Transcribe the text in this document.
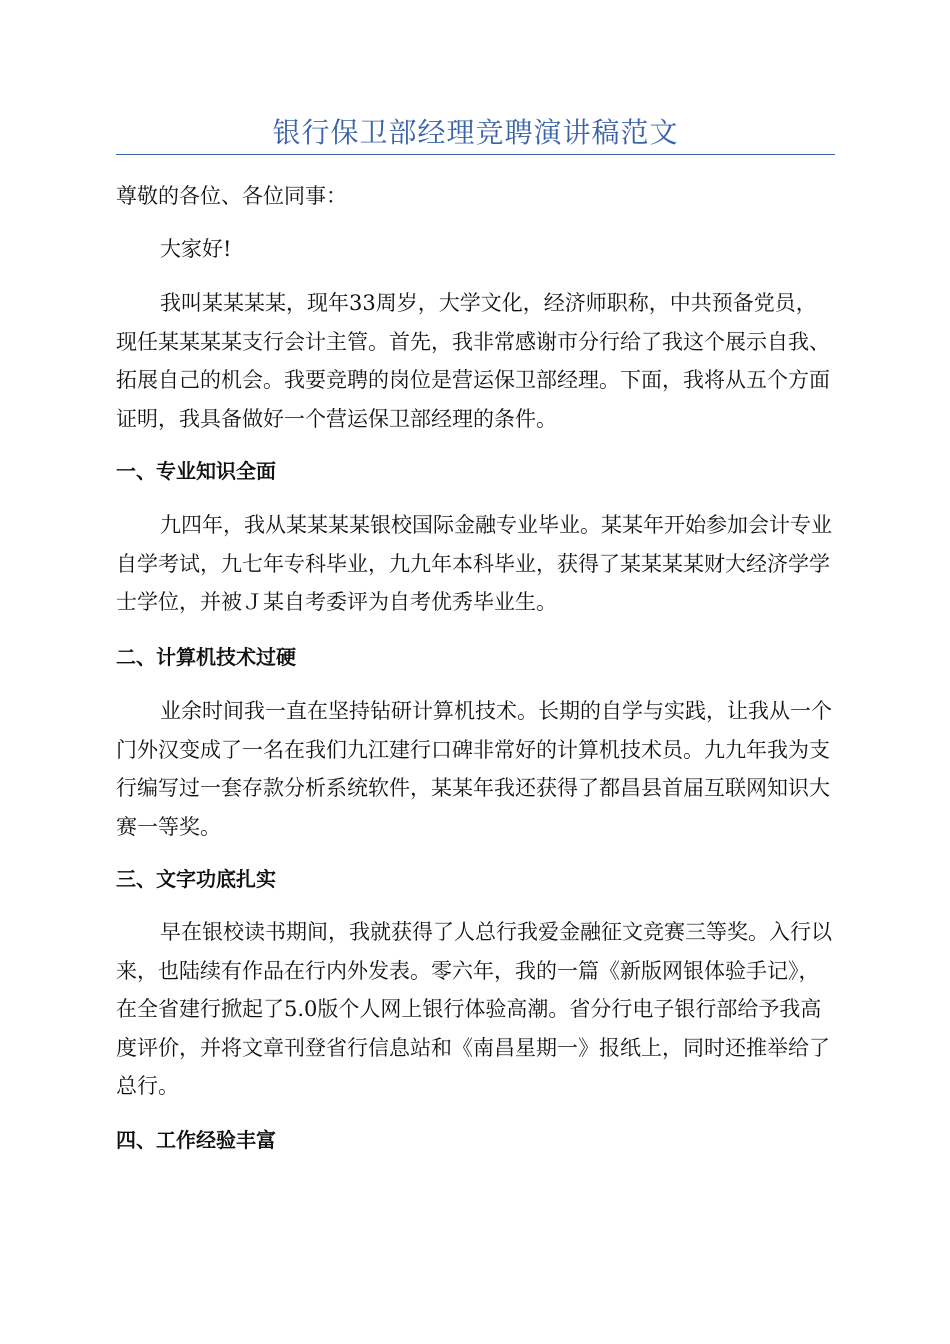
银行保卫部经理竞聘演讲稿范文

尊敬的各位、各位同事：

大家好!

我叫某某某某，现年33周岁，大学文化，经济师职称，中共预备党员，现任某某某某支行会计主管。首先，我非常感谢市分行给了我这个展示自我、拓展自己的机会。我要竞聘的岗位是营运保卫部经理。下面，我将从五个方面证明，我具备做好一个营运保卫部经理的条件。

一、专业知识全面

九四年，我从某某某某银校国际金融专业毕业。某某年开始参加会计专业自学考试，九七年专科毕业，九九年本科毕业，获得了某某某某财大经济学学士学位，并被Ｊ某自考委评为自考优秀毕业生。

二、计算机技术过硬

业余时间我一直在坚持钻研计算机技术。长期的自学与实践，让我从一个门外汉变成了一名在我们九江建行口碑非常好的计算机技术员。九九年我为支行编写过一套存款分析系统软件，某某年我还获得了都昌县首届互联网知识大赛一等奖。

三、文字功底扎实

早在银校读书期间，我就获得了人总行我爱金融征文竞赛三等奖。入行以来，也陆续有作品在行内外发表。零六年，我的一篇《新版网银体验手记》，在全省建行掀起了5.0版个人网上银行体验高潮。省分行电子银行部给予我高度评价，并将文章刊登省行信息站和《南昌星期一》报纸上，同时还推举给了总行。

四、工作经验丰富
